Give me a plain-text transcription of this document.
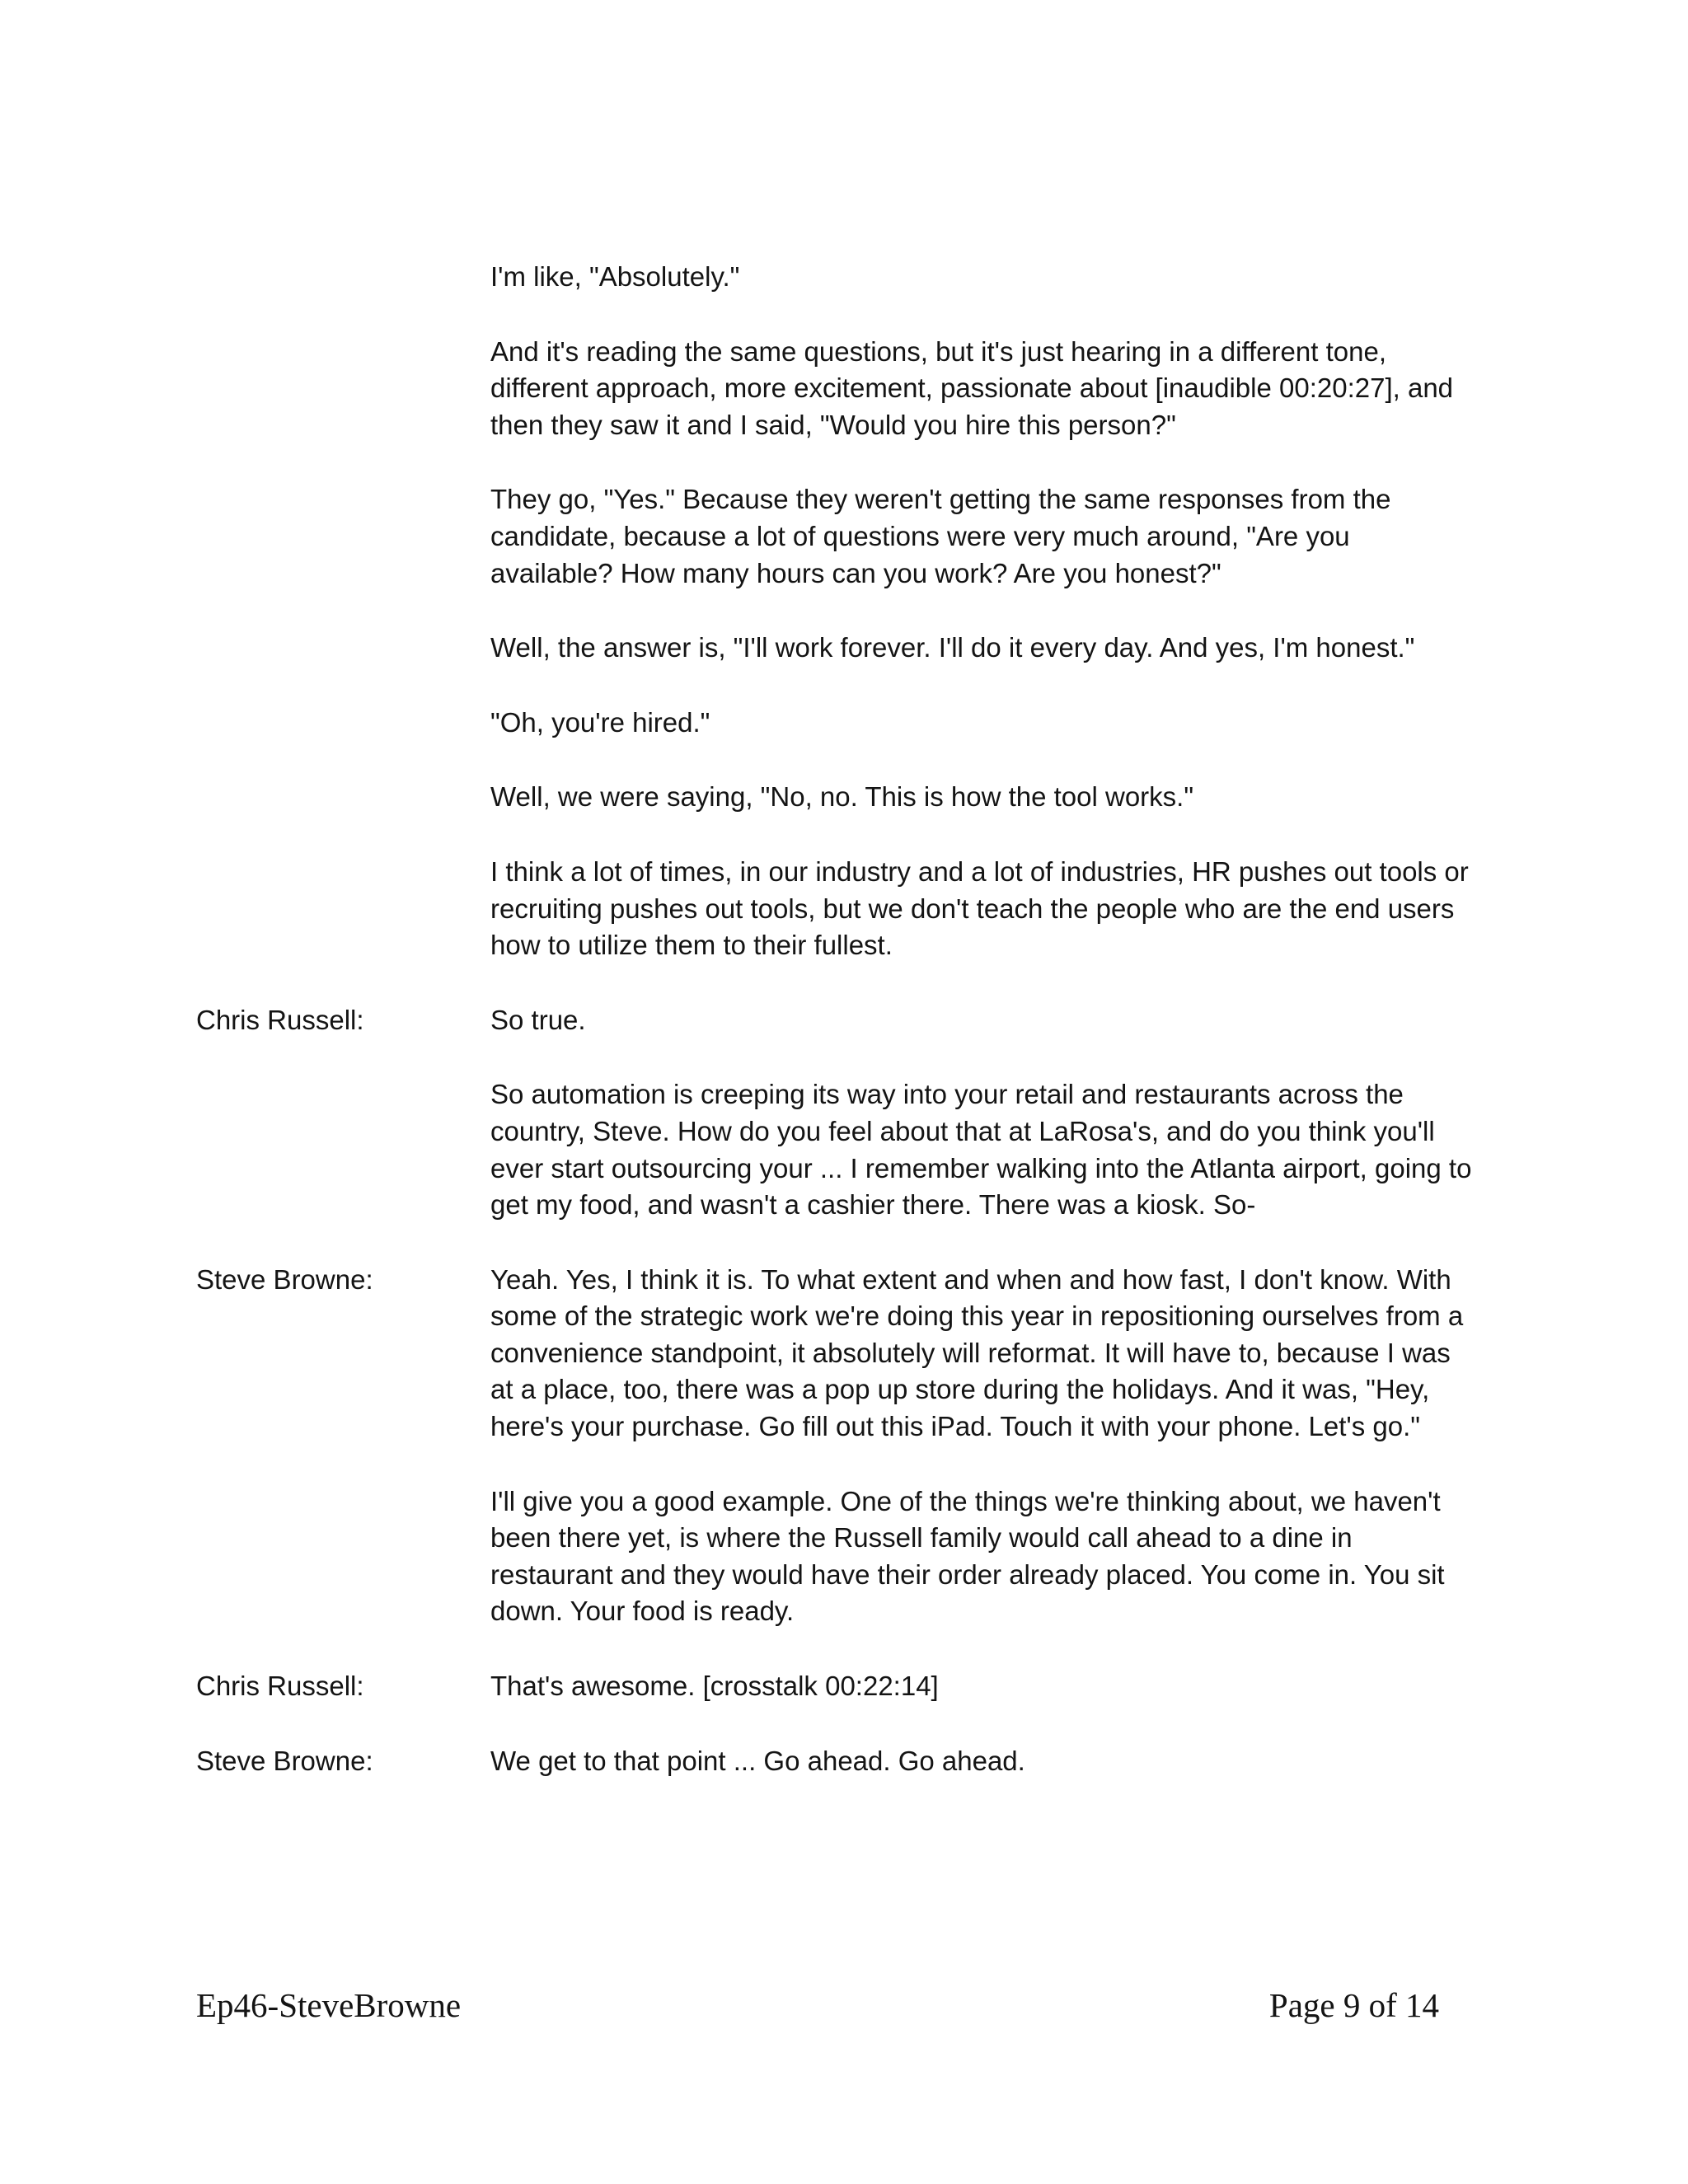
I'm like, "Absolutely."

And it's reading the same questions, but it's just hearing in a different tone, different approach, more excitement, passionate about [inaudible 00:20:27], and then they saw it and I said, "Would you hire this person?"

They go, "Yes." Because they weren't getting the same responses from the candidate, because a lot of questions were very much around, "Are you available? How many hours can you work? Are you honest?"

Well, the answer is, "I'll work forever. I'll do it every day. And yes, I'm honest."

"Oh, you're hired."

Well, we were saying, "No, no. This is how the tool works."

I think a lot of times, in our industry and a lot of industries, HR pushes out tools or recruiting pushes out tools, but we don't teach the people who are the end users how to utilize them to their fullest.

Chris Russell:	So true.

So automation is creeping its way into your retail and restaurants across the country, Steve. How do you feel about that at LaRosa's, and do you think you'll ever start outsourcing your ... I remember walking into the Atlanta airport, going to get my food, and wasn't a cashier there. There was a kiosk. So-

Steve Browne:	Yeah. Yes, I think it is. To what extent and when and how fast, I don't know. With some of the strategic work we're doing this year in repositioning ourselves from a convenience standpoint, it absolutely will reformat. It will have to, because I was at a place, too, there was a pop up store during the holidays. And it was, "Hey, here's your purchase. Go fill out this iPad. Touch it with your phone. Let's go."

I'll give you a good example. One of the things we're thinking about, we haven't been there yet, is where the Russell family would call ahead to a dine in restaurant and they would have their order already placed. You come in. You sit down. Your food is ready.

Chris Russell:	That's awesome. [crosstalk 00:22:14]

Steve Browne:	We get to that point ... Go ahead. Go ahead.

Ep46-SteveBrowne	Page 9 of 14
